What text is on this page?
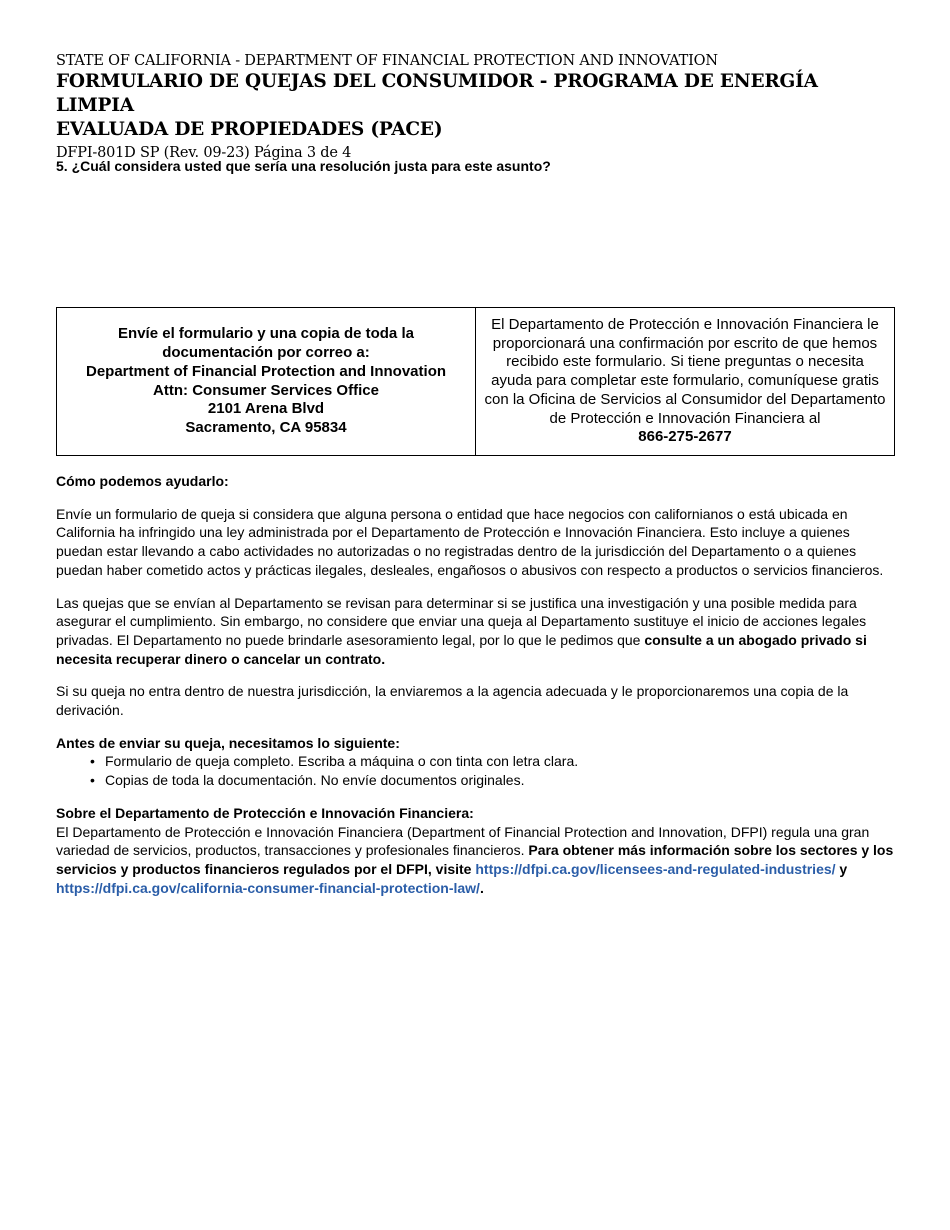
STATE OF CALIFORNIA - DEPARTMENT OF FINANCIAL PROTECTION AND INNOVATION
FORMULARIO DE QUEJAS DEL CONSUMIDOR - PROGRAMA DE ENERGÍA LIMPIA
EVALUADA DE PROPIEDADES (PACE)
DFPI-801D SP (Rev. 09-23) Página 3 de 4
5. ¿Cuál considera usted que sería una resolución justa para este asunto?
Envíe el formulario y una copia de toda la
documentación por correo a:
Department of Financial Protection and Innovation
Attn: Consumer Services Office
2101 Arena Blvd
Sacramento, CA 95834
El Departamento de Protección e Innovación Financiera le proporcionará una confirmación por escrito de que hemos recibido este formulario. Si tiene preguntas o necesita ayuda para completar este formulario, comuníquese gratis con la Oficina de Servicios al Consumidor del Departamento de Protección e Innovación Financiera al
866-275-2677

Cómo podemos ayudarlo:

Envíe un formulario de queja si considera que alguna persona o entidad que hace negocios con californianos o está ubicada en California ha infringido una ley administrada por el Departamento de Protección e Innovación Financiera. Esto incluye a quienes puedan estar llevando a cabo actividades no autorizadas o no registradas dentro de la jurisdicción del Departamento o a quienes puedan haber cometido actos y prácticas ilegales, desleales, engañosos o abusivos con respecto a productos o servicios financieros.

Las quejas que se envían al Departamento se revisan para determinar si se justifica una investigación y una posible medida para asegurar el cumplimiento. Sin embargo, no considere que enviar una queja al Departamento sustituye el inicio de acciones legales privadas. El Departamento no puede brindarle asesoramiento legal, por lo que le pedimos que consulte a un abogado privado si necesita recuperar dinero o cancelar un contrato.

Si su queja no entra dentro de nuestra jurisdicción, la enviaremos a la agencia adecuada y le proporcionaremos una copia de la derivación.

Antes de enviar su queja, necesitamos lo siguiente:
• Formulario de queja completo. Escriba a máquina o con tinta con letra clara.
• Copias de toda la documentación. No envíe documentos originales.
Sobre el Departamento de Protección e Innovación Financiera:
El Departamento de Protección e Innovación Financiera (Department of Financial Protection and Innovation, DFPI) regula una gran variedad de servicios, productos, transacciones y profesionales financieros. Para obtener más información sobre los sectores y los servicios y productos financieros regulados por el DFPI, visite https://dfpi.ca.gov/licensees-and-regulated-industries/ y https://dfpi.ca.gov/california-consumer-financial-protection-law/.
